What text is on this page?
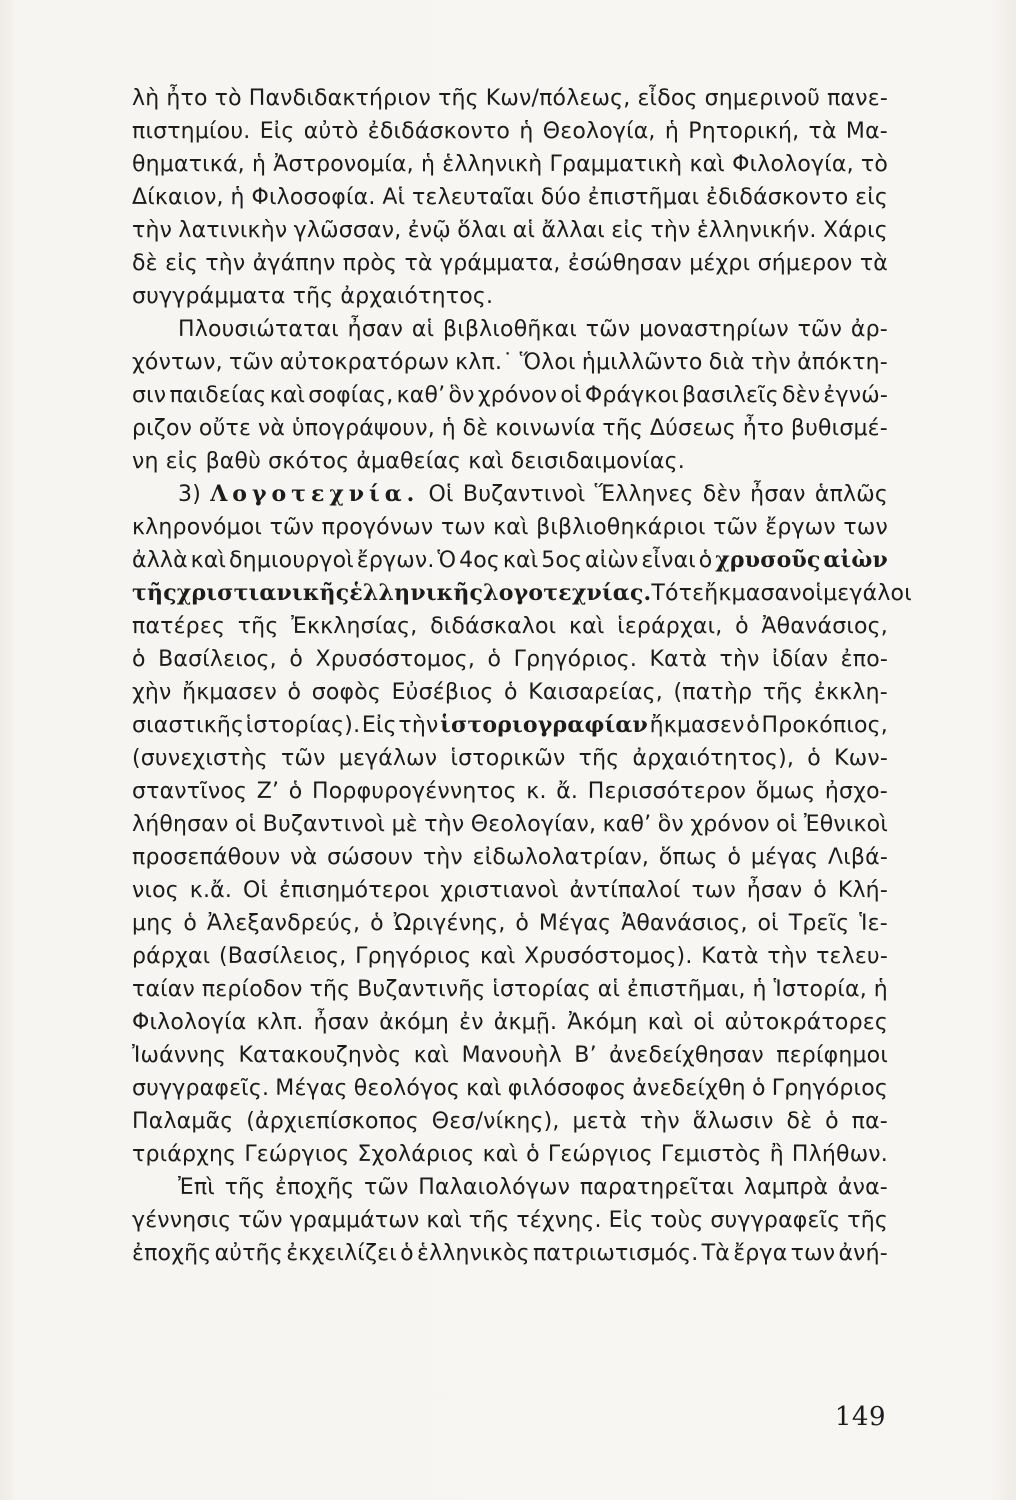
λὴ ἦτο τὸ Πανδιδακτήριον τῆς Κων/πόλεως, εἶδος σημερινοῦ πανε-
πιστημίου. Εἰς αὐτὸ ἐδιδάσκοντο ἡ Θεολογία, ἡ Ρητορική, τὰ Μα-
θηματικά, ἡ Ἀστρονομία, ἡ ἑλληνικὴ Γραμματικὴ καὶ Φιλολογία, τὸ
Δίκαιον, ἡ Φιλοσοφία. Αἱ τελευταῖαι δύο ἐπιστῆμαι ἐδιδάσκοντο εἰς
τὴν λατινικὴν γλῶσσαν, ἐνῷ ὅλαι αἱ ἄλλαι εἰς τὴν ἑλληνικήν. Χάρις
δὲ εἰς τὴν ἀγάπην πρὸς τὰ γράμματα, ἐσώθησαν μέχρι σήμερον τὰ
συγγράμματα τῆς ἀρχαιότητος.
Πλουσιώταται ἦσαν αἱ βιβλιοθῆκαι τῶν μοναστηρίων τῶν ἀρ-
χόντων, τῶν αὐτοκρατόρων κλπ.˙ Ὅλοι ἡμιλλῶντο διὰ τὴν ἀπόκτη-
σιν παιδείας καὶ σοφίας, καθ’ ὃν χρόνον οἱ Φράγκοι βασιλεῖς δὲν ἐγνώ-
ριζον οὔτε νὰ ὑπογράψουν, ἡ δὲ κοινωνία τῆς Δύσεως ἦτο βυθισμέ-
νη εἰς βαθὺ σκότος ἀμαθείας καὶ δεισιδαιμονίας.
3) Λογοτεχνία. Οἱ Βυζαντινοὶ Ἕλληνες δὲν ἦσαν ἁπλῶς
κληρονόμοι τῶν προγόνων των καὶ βιβλιοθηκάριοι τῶν ἔργων των
ἀλλὰ καὶ δημιουργοὶ ἔργων. Ὁ 4ος καὶ 5ος αἰὼν εἶναι ὁ χρυσοῦς αἰὼν
τῆς χριστιανικῆς ἑλληνικῆς λογοτεχνίας. Τότε ἤκμασαν οἱ μεγάλοι
πατέρες τῆς Ἐκκλησίας, διδάσκαλοι καὶ ἱεράρχαι, ὁ Ἀθανάσιος,
ὁ Βασίλειος, ὁ Χρυσόστομος, ὁ Γρηγόριος. Κατὰ τὴν ἰδίαν ἐπο-
χὴν ἤκμασεν ὁ σοφὸς Εὐσέβιος ὁ Καισαρείας, (πατὴρ τῆς ἐκκλη-
σιαστικῆς ἱστορίας). Εἰς τὴν ἱστοριογραφίαν ἤκμασεν ὁ Προκόπιος,
(συνεχιστὴς τῶν μεγάλων ἱστορικῶν τῆς ἀρχαιότητος), ὁ Κων-
σταντῖνος Ζ’ ὁ Πορφυρογέννητος κ. ἄ. Περισσότερον ὅμως ἠσχο-
λήθησαν οἱ Βυζαντινοὶ μὲ τὴν Θεολογίαν, καθ’ ὃν χρόνον οἱ Ἐθνικοὶ
προσεπάθουν νὰ σώσουν τὴν εἰδωλολατρίαν, ὅπως ὁ μέγας Λιβά-
νιος κ.ἄ. Οἱ ἐπισημότεροι χριστιανοὶ ἀντίπαλοί των ἦσαν ὁ Κλή-
μης ὁ Ἀλεξανδρεύς, ὁ Ὠριγένης, ὁ Μέγας Ἀθανάσιος, οἱ Τρεῖς Ἱε-
ράρχαι (Βασίλειος, Γρηγόριος καὶ Χρυσόστομος). Κατὰ τὴν τελευ-
ταίαν περίοδον τῆς Βυζαντινῆς ἱστορίας αἱ ἐπιστῆμαι, ἡ Ἱστορία, ἡ
Φιλολογία κλπ. ἦσαν ἀκόμη ἐν ἀκμῇ. Ἀκόμη καὶ οἱ αὐτοκράτορες
Ἰωάννης Κατακουζηνὸς καὶ Μανουὴλ Β’ ἀνεδείχθησαν περίφημοι
συγγραφεῖς. Μέγας θεολόγος καὶ φιλόσοφος ἀνεδείχθη ὁ Γρηγόριος
Παλαμᾶς (ἀρχιεπίσκοπος Θεσ/νίκης), μετὰ τὴν ἅλωσιν δὲ ὁ πα-
τριάρχης Γεώργιος Σχολάριος καὶ ὁ Γεώργιος Γεμιστὸς ἢ Πλήθων.
Ἐπὶ τῆς ἐποχῆς τῶν Παλαιολόγων παρατηρεῖται λαμπρὰ ἀνα-
γέννησις τῶν γραμμάτων καὶ τῆς τέχνης. Εἰς τοὺς συγγραφεῖς τῆς
ἐποχῆς αὐτῆς ἐκχειλίζει ὁ ἑλληνικὸς πατριωτισμός. Τὰ ἔργα των ἀνή-
149
